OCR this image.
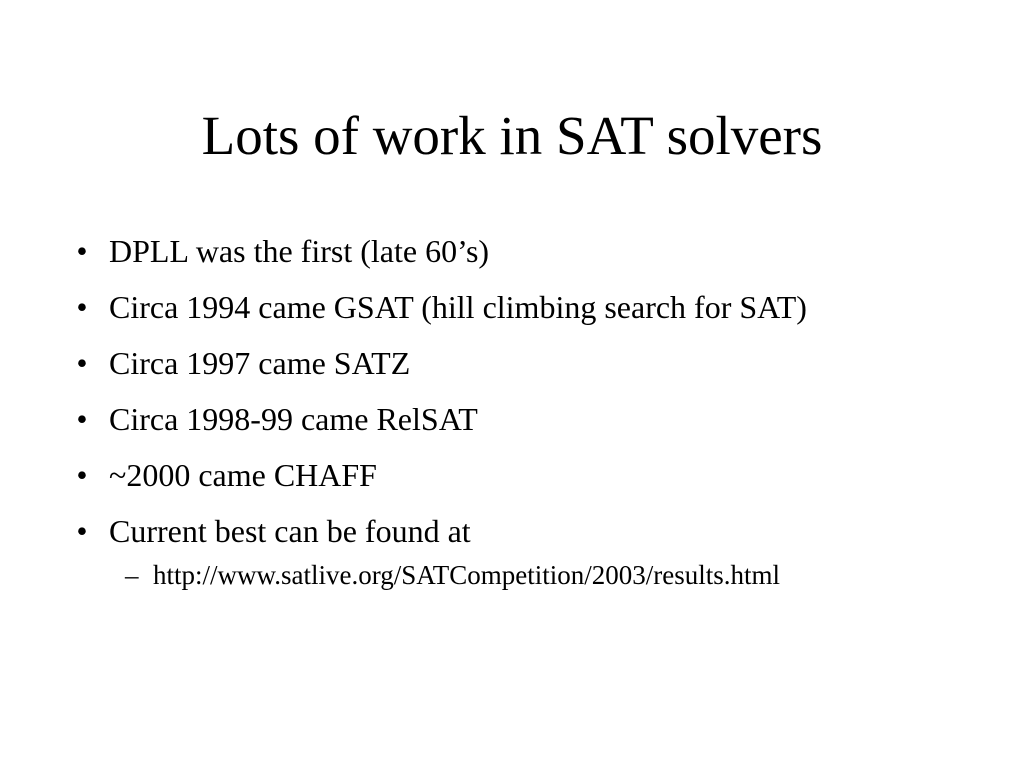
Lots of work in SAT solvers
• DPLL was the first (late 60’s)
• Circa 1994 came GSAT (hill climbing search for SAT)
• Circa 1997 came SATZ
• Circa 1998-99 came RelSAT
• ~2000 came CHAFF
• Current best can be found at
– http://www.satlive.org/SATCompetition/2003/results.html
